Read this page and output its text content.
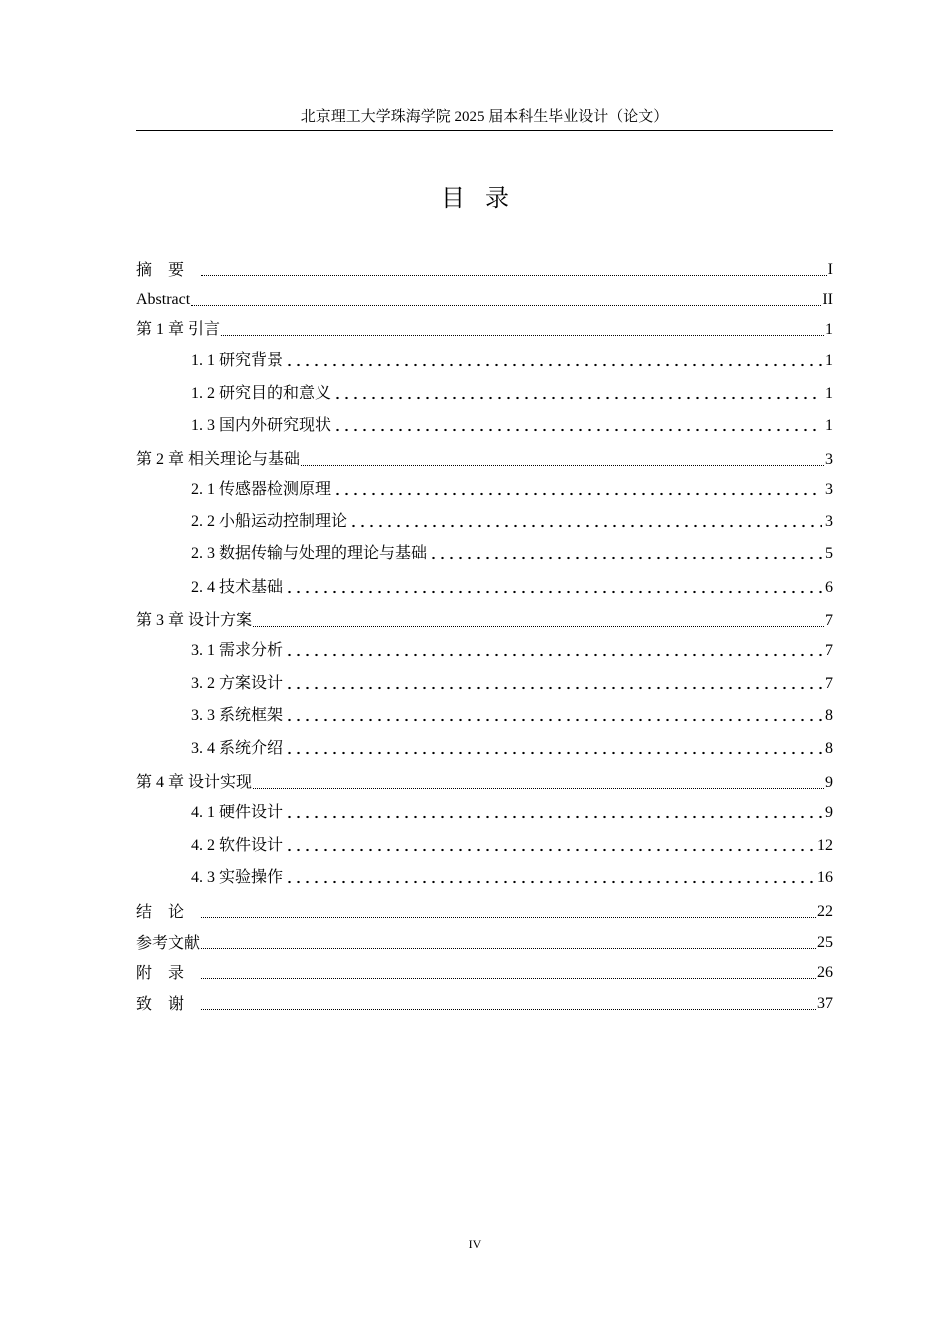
北京理工大学珠海学院 2025 届本科生毕业设计（论文）
目录
摘要	I
Abstract	II
第 1 章 引言	1
1. 1 研究背景	1
1. 2 研究目的和意义	1
1. 3 国内外研究现状	1
第 2 章 相关理论与基础	3
2. 1 传感器检测原理	3
2. 2 小船运动控制理论	3
2. 3 数据传输与处理的理论与基础	5
2. 4 技术基础	6
第 3 章 设计方案	7
3. 1 需求分析	7
3. 2 方案设计	7
3. 3 系统框架	8
3. 4 系统介绍	8
第 4 章 设计实现	9
4. 1 硬件设计	9
4. 2 软件设计	12
4. 3 实验操作	16
结论	22
参考文献	25
附录	26
致谢	37
IV
